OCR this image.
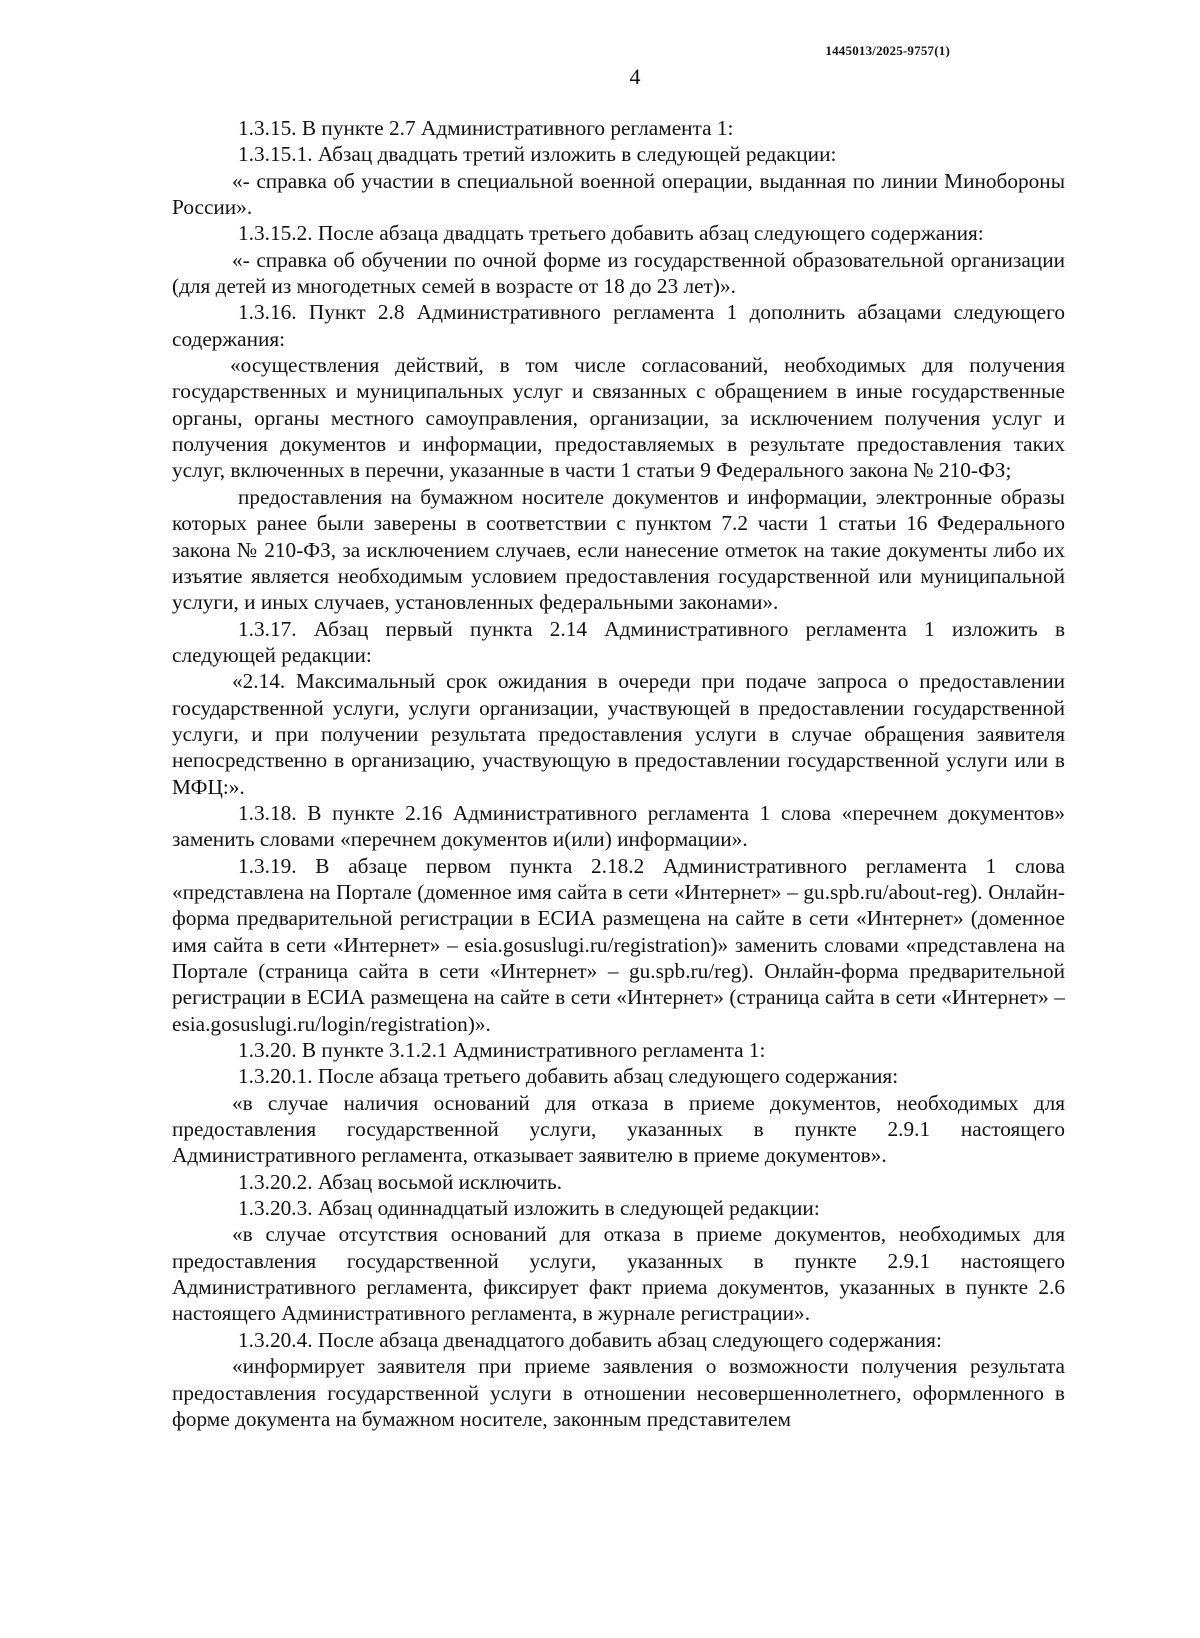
1445013/2025-9757(1)
4

1.3.15. В пункте 2.7 Административного регламента 1:

1.3.15.1. Абзац двадцать третий изложить в следующей редакции:

«- справка об участии в специальной военной операции, выданная по линии Минобороны России».

1.3.15.2. После абзаца двадцать третьего добавить абзац следующего содержания:

«- справка об обучении по очной форме из государственной образовательной организации (для детей из многодетных семей в возрасте от 18 до 23 лет)».

1.3.16. Пункт 2.8 Административного регламента 1 дополнить абзацами следующего содержания:

«осуществления действий, в том числе согласований, необходимых для получения государственных и муниципальных услуг и связанных с обращением в иные государственные органы, органы местного самоуправления, организации, за исключением получения услуг и получения документов и информации, предоставляемых в результате предоставления таких услуг, включенных в перечни, указанные в части 1 статьи 9 Федерального закона № 210-ФЗ;

предоставления на бумажном носителе документов и информации, электронные образы которых ранее были заверены в соответствии с пунктом 7.2 части 1 статьи 16 Федерального закона № 210-ФЗ, за исключением случаев, если нанесение отметок на такие документы либо их изъятие является необходимым условием предоставления государственной или муниципальной услуги, и иных случаев, установленных федеральными законами».

1.3.17. Абзац первый пункта 2.14 Административного регламента 1 изложить в следующей редакции:

«2.14. Максимальный срок ожидания в очереди при подаче запроса о предоставлении государственной услуги, услуги организации, участвующей в предоставлении государственной услуги, и при получении результата предоставления услуги в случае обращения заявителя непосредственно в организацию, участвующую в предоставлении государственной услуги или в МФЦ:».

1.3.18. В пункте 2.16 Административного регламента 1 слова «перечнем документов» заменить словами «перечнем документов и(или) информации».

1.3.19. В абзаце первом пункта 2.18.2 Административного регламента 1 слова «представлена на Портале (доменное имя сайта в сети «Интернет» – gu.spb.ru/about-reg). Онлайн-форма предварительной регистрации в ЕСИА размещена на сайте в сети «Интернет» (доменное имя сайта в сети «Интернет» – esia.gosuslugi.ru/registration)» заменить словами «представлена на Портале (страница сайта в сети «Интернет» – gu.spb.ru/reg). Онлайн-форма предварительной регистрации в ЕСИА размещена на сайте в сети «Интернет» (страница сайта в сети «Интернет» – esia.gosuslugi.ru/login/registration)».

1.3.20. В пункте 3.1.2.1 Административного регламента 1:

1.3.20.1. После абзаца третьего добавить абзац следующего содержания:

«в случае наличия оснований для отказа в приеме документов, необходимых для предоставления государственной услуги, указанных в пункте 2.9.1 настоящего Административного регламента, отказывает заявителю в приеме документов».

1.3.20.2. Абзац восьмой исключить.

1.3.20.3. Абзац одиннадцатый изложить в следующей редакции:

«в случае отсутствия оснований для отказа в приеме документов, необходимых для предоставления государственной услуги, указанных в пункте 2.9.1 настоящего Административного регламента, фиксирует факт приема документов, указанных в пункте 2.6 настоящего Административного регламента, в журнале регистрации».

1.3.20.4. После абзаца двенадцатого добавить абзац следующего содержания:

«информирует заявителя при приеме заявления о возможности получения результата предоставления государственной услуги в отношении несовершеннолетнего, оформленного в форме документа на бумажном носителе, законным представителем
